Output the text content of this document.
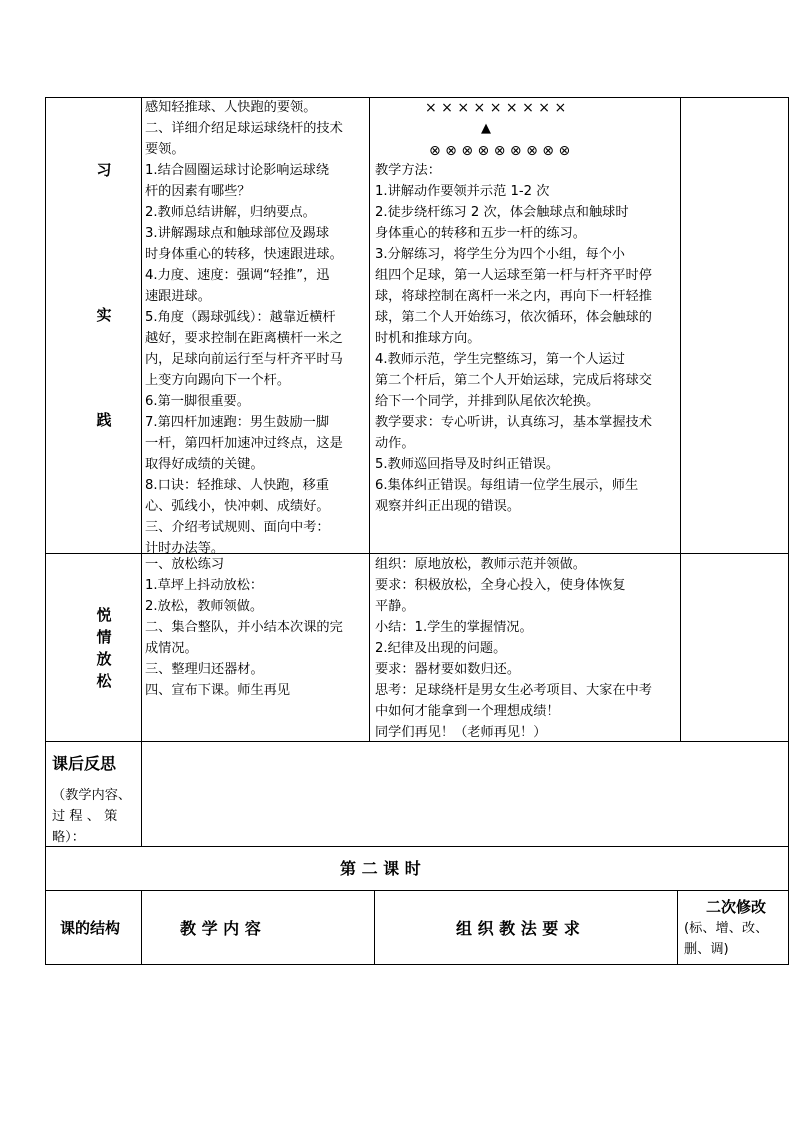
习
实
践
感知轻推球、人快跑的要领。
二、详细介绍足球运球绕杆的技术
要领。
1.结合圆圈运球讨论影响运球绕
杆的因素有哪些？
2.教师总结讲解，归纳要点。
3.讲解踢球点和触球部位及踢球
时身体重心的转移，快速跟进球。
4.力度、速度：强调“轻推”，迅
速跟进球。
5.角度（踢球弧线）：越靠近横杆
越好，要求控制在距离横杆一米之
内，足球向前运行至与杆齐平时马
上变方向踢向下一个杆。
6.第一脚很重要。
7.第四杆加速跑：男生鼓励一脚
一杆，第四杆加速冲过终点，这是
取得好成绩的关键。
8.口诀：轻推球、人快跑，移重
心、弧线小，快冲刺、成绩好。
三、介绍考试规则、面向中考：
计时办法等。
× × × × × × × × ×
▲
⊗ ⊗ ⊗ ⊗ ⊗ ⊗ ⊗ ⊗ ⊗
教学方法：
1.讲解动作要领并示范 1-2 次
2.徒步绕杆练习 2 次，体会触球点和触球时
身体重心的转移和五步一杆的练习。
3.分解练习，将学生分为四个小组，每个小
组四个足球，第一人运球至第一杆与杆齐平时停
球，将球控制在离杆一米之内，再向下一杆轻推
球，第二个人开始练习，依次循环，体会触球的
时机和推球方向。
4.教师示范，学生完整练习，第一个人运过
第二个杆后，第二个人开始运球，完成后将球交
给下一个同学，并排到队尾依次轮换。
教学要求：专心听讲，认真练习，基本掌握技术
动作。
5.教师巡回指导及时纠正错误。
6.集体纠正错误。每组请一位学生展示，师生
观察并纠正出现的错误。
悦
情
放
松
一、放松练习
1.草坪上抖动放松：
2.放松，教师领做。
二、集合整队，并小结本次课的完
成情况。
三、整理归还器材。
四、宣布下课。师生再见
组织：原地放松，教师示范并领做。
要求：积极放松，全身心投入，使身体恢复
平静。
小结：1.学生的掌握情况。
2.纪律及出现的问题。
要求：器材要如数归还。
思考：足球绕杆是男女生必考项目、大家在中考
中如何才能拿到一个理想成绩！
同学们再见！（老师再见！）
课后反思
（教学内容、
过 程 、 策
略）：
第 二 课 时
课的结构	教 学 内 容	组 织 教 法 要 求
二次修改
(标、增、改、
删、调)
